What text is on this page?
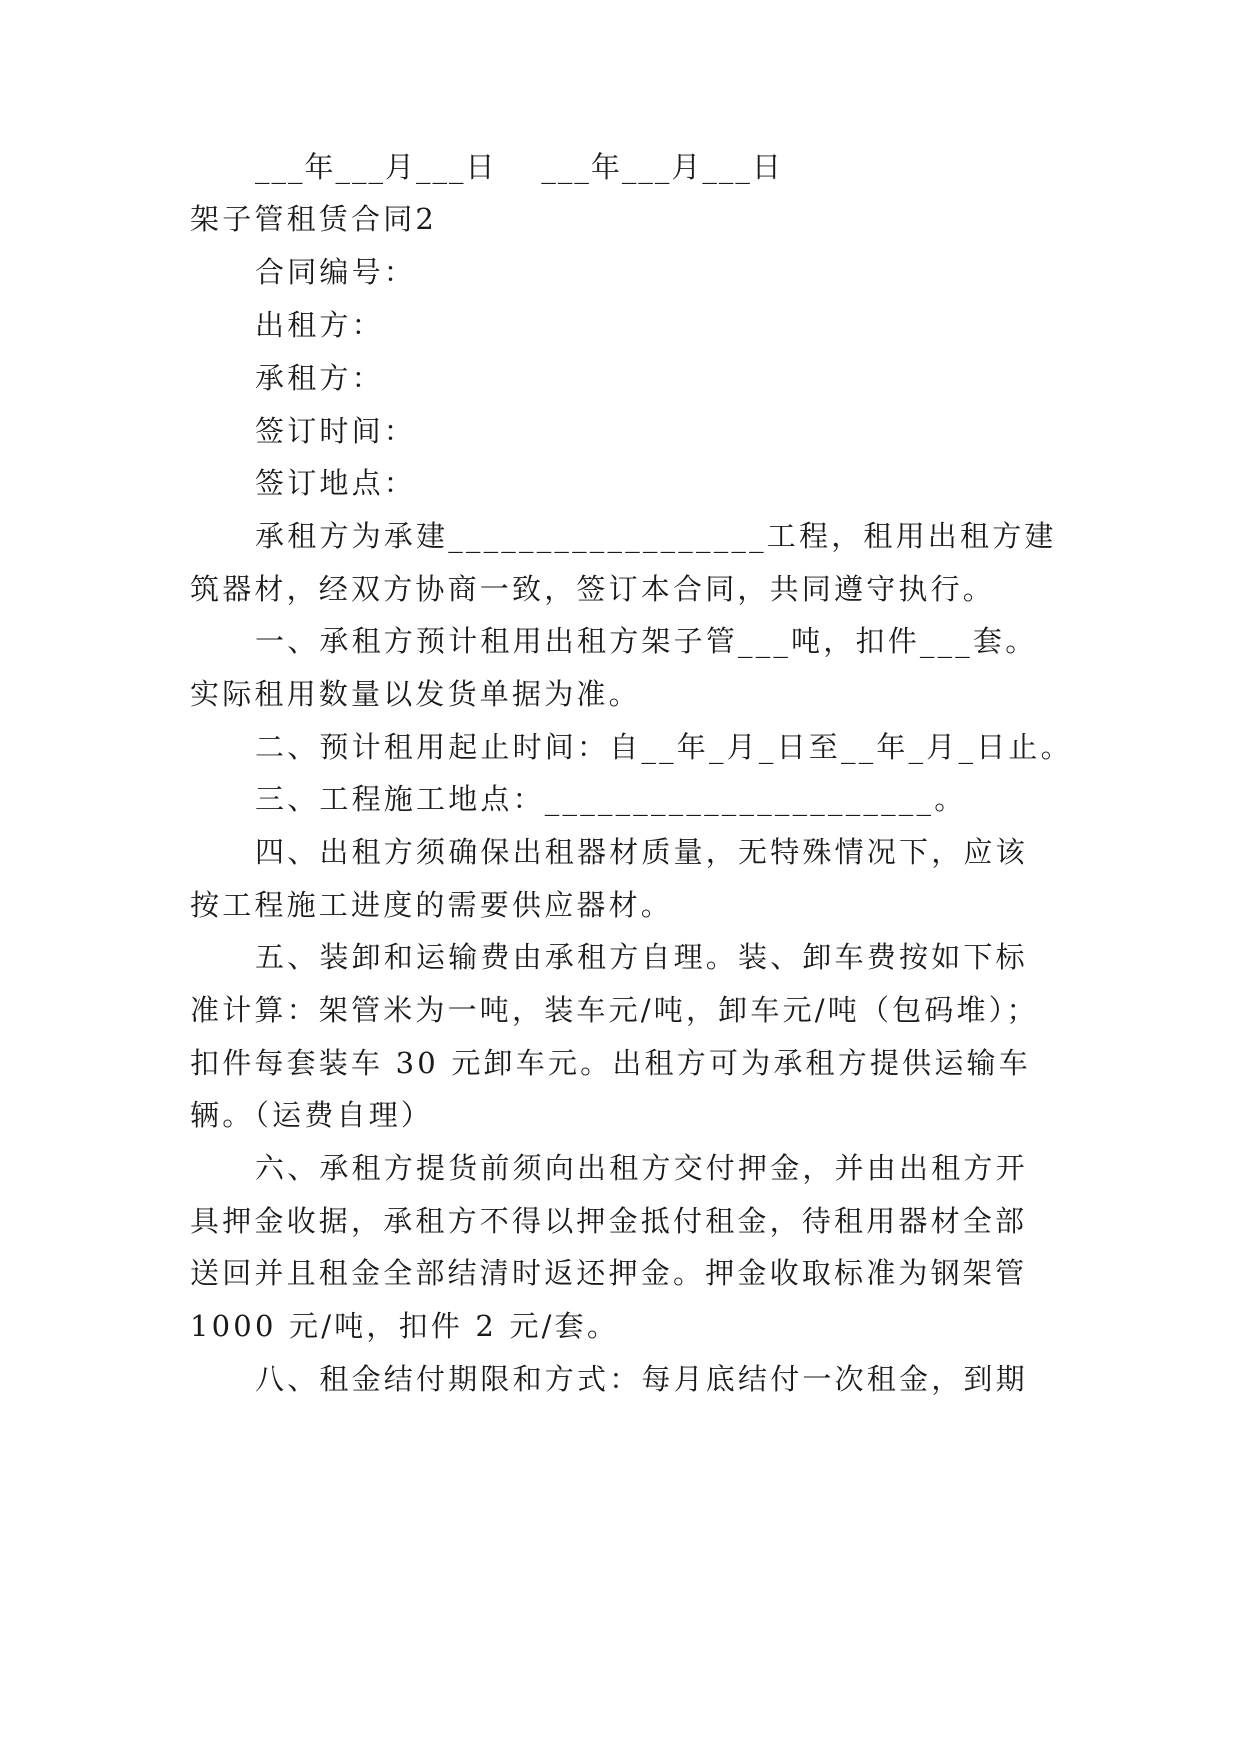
___年___月___日    ___年___月___日
架子管租赁合同2
合同编号：
出租方：
承租方：
签订时间：
签订地点：
承租方为承建__________________工程，租用出租方建
筑器材，经双方协商一致，签订本合同，共同遵守执行。
一、承租方预计租用出租方架子管___吨，扣件___套。
实际租用数量以发货单据为准。
二、预计租用起止时间：自__年_月_日至__年_月_日止。
三、工程施工地点：______________________。
四、出租方须确保出租器材质量，无特殊情况下，应该
按工程施工进度的需要供应器材。
五、装卸和运输费由承租方自理。装、卸车费按如下标
准计算：架管米为一吨，装车元/吨，卸车元/吨（包码堆）；
扣件每套装车 30 元卸车元。出租方可为承租方提供运输车
辆。（运费自理）
六、承租方提货前须向出租方交付押金，并由出租方开
具押金收据，承租方不得以押金抵付租金，待租用器材全部
送回并且租金全部结清时返还押金。押金收取标准为钢架管
1000 元/吨，扣件 2 元/套。
八、租金结付期限和方式：每月底结付一次租金，到期
